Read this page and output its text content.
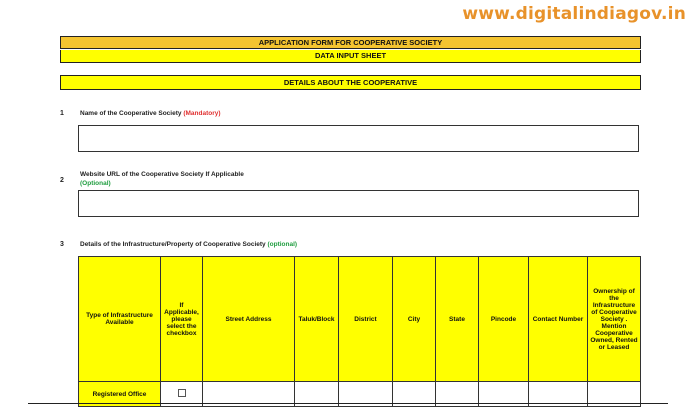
www.digitalindiagov.in
APPLICATION FORM FOR COOPERATIVE SOCIETY
DATA INPUT SHEET
DETAILS ABOUT THE COOPERATIVE
1 Name of the Cooperative Society (Mandatory)
2
Website URL of the Cooperative Society If Applicable
(Optional)
3 Details of the Infrastructure/Property of Cooperative Society (optional)
Type of Infrastructure Available	If Applicable, please select the checkbox	Street Address	Taluk/Block	District	City	State	Pincode	Contact Number	Ownership of the Infrastructure of Cooperative Society . Mention Cooperative Owned, Rented or Leased
Registered Office									
